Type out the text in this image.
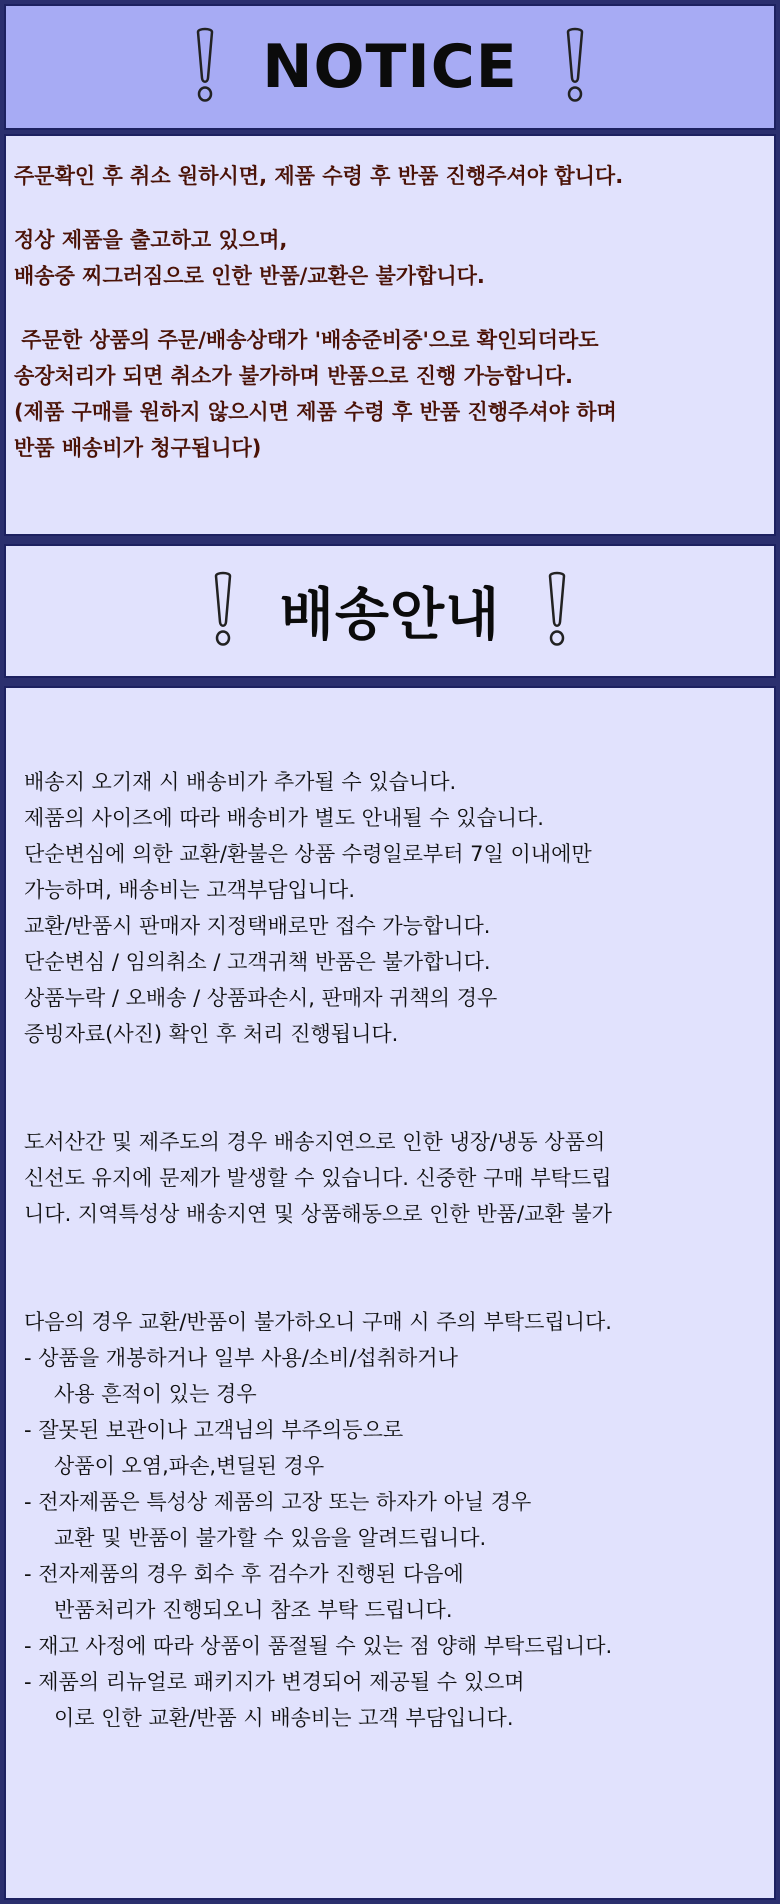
NOTICE
주문확인 후 취소 원하시면, 제품 수령 후 반품 진행주셔야 합니다.
정상 제품을 출고하고 있으며,
배송중 찌그러짐으로 인한 반품/교환은 불가합니다.
주문한 상품의 주문/배송상태가 '배송준비중'으로 확인되더라도
송장처리가 되면 취소가 불가하며 반품으로 진행 가능합니다.
(제품 구매를 원하지 않으시면 제품 수령 후 반품 진행주셔야 하며
반품 배송비가 청구됩니다)
배송안내
배송지 오기재 시 배송비가 추가될 수 있습니다.
제품의 사이즈에 따라 배송비가 별도 안내될 수 있습니다.
단순변심에 의한 교환/환불은 상품 수령일로부터 7일 이내에만
가능하며, 배송비는 고객부담입니다.
교환/반품시 판매자 지정택배로만 접수 가능합니다.
단순변심 / 임의취소 / 고객귀책 반품은 불가합니다.
상품누락 / 오배송 / 상품파손시, 판매자 귀책의 경우
증빙자료(사진) 확인 후 처리 진행됩니다.
도서산간 및 제주도의 경우 배송지연으로 인한 냉장/냉동 상품의
신선도 유지에 문제가 발생할 수 있습니다. 신중한 구매 부탁드립
니다. 지역특성상 배송지연 및 상품해동으로 인한 반품/교환 불가
다음의 경우 교환/반품이 불가하오니 구매 시 주의 부탁드립니다.
- 상품을 개봉하거나 일부 사용/소비/섭취하거나
사용 흔적이 있는 경우
- 잘못된 보관이나 고객님의 부주의등으로
상품이 오염,파손,변딜된 경우
- 전자제품은 특성상 제품의 고장 또는 하자가 아닐 경우
교환 및 반품이 불가할 수 있음을 알려드립니다.
- 전자제품의 경우 회수 후 검수가 진행된 다음에
반품처리가 진행되오니 참조 부탁 드립니다.
- 재고 사정에 따라 상품이 품절될 수 있는 점 양해 부탁드립니다.
- 제품의 리뉴얼로 패키지가 변경되어 제공될 수 있으며
이로 인한 교환/반품 시 배송비는 고객 부담입니다.
